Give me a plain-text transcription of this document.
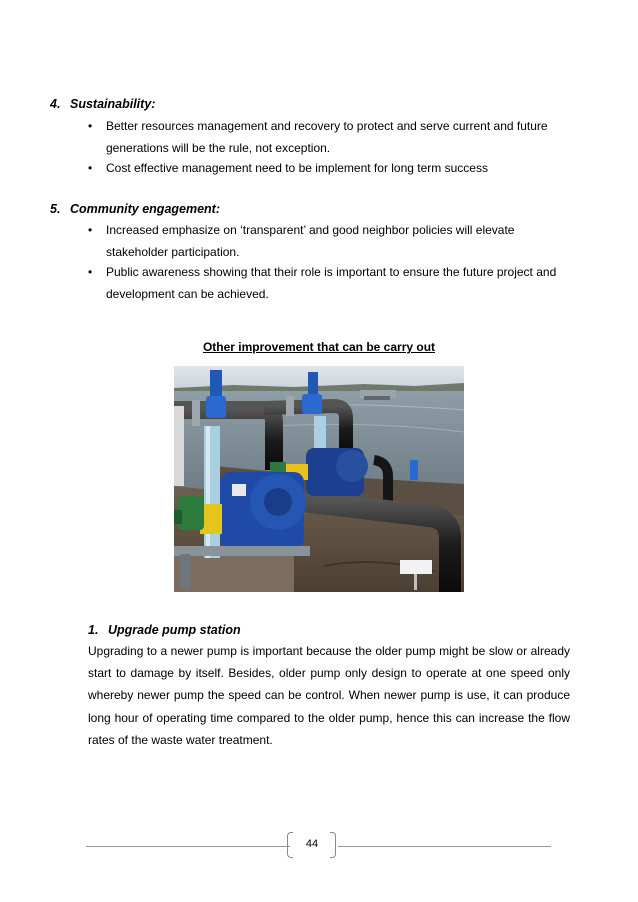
4. Sustainability:
• Better resources management and recovery to protect and serve current and future
generations will be the rule, not exception.
• Cost effective management need to be implement for long term success
5. Community engagement:
• Increased emphasize on ‘transparent’ and good neighbor policies will elevate
stakeholder participation.
• Public awareness showing that their role is important to ensure the future project and
development can be achieved.
Other improvement that can be carry out
1. Upgrade pump station
Upgrading to a newer pump is important because the older pump might be slow or already start to damage by itself. Besides, older pump only design to operate at one speed only whereby newer pump the speed can be control. When newer pump is use, it can produce long hour of operating time compared to the older pump, hence this can increase the flow rates of the waste water treatment.
44
